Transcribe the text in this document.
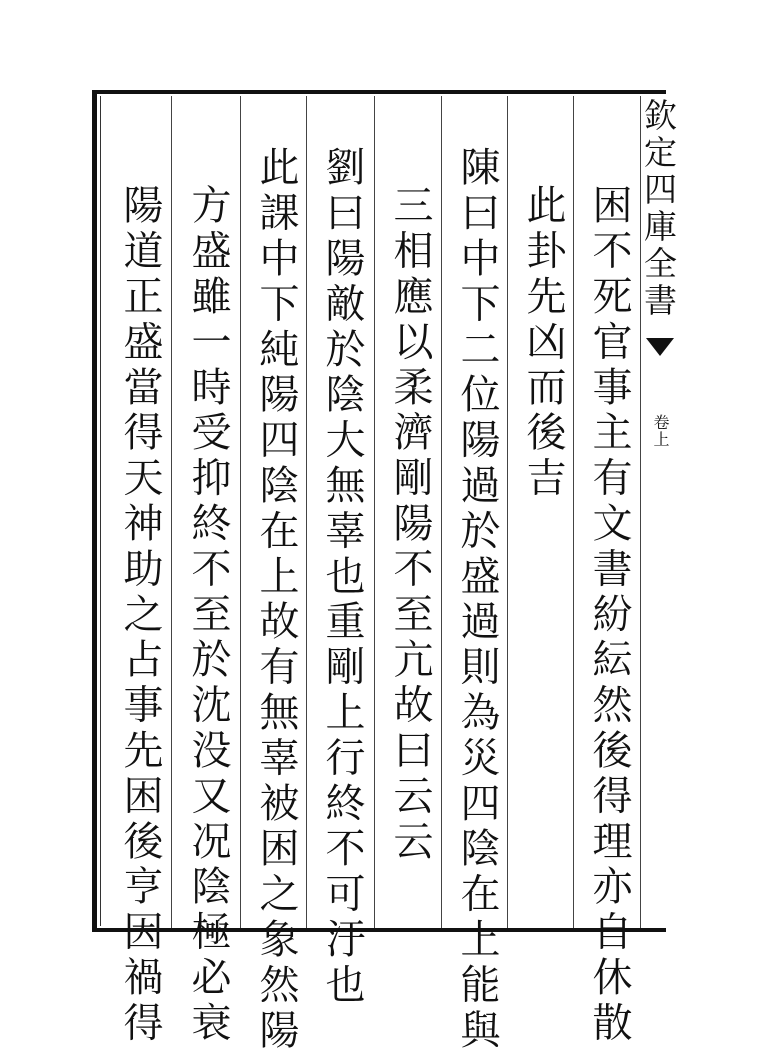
欽定四庫全書
卷上
困不死官事主有文書紛紜然後得理亦自休散
此卦先凶而後吉
陳曰中下二位陽過於盛過則為災四陰在上能與
三相應以柔濟剛陽不至亢故曰云云
劉曰陽敵於陰大無辜也重剛上行終不可汙也
此課中下純陽四陰在上故有無辜被困之象然陽
方盛雖一時受抑終不至於沈没又况陰極必衰
陽道正盛當得天神助之占事先困後亨因禍得
